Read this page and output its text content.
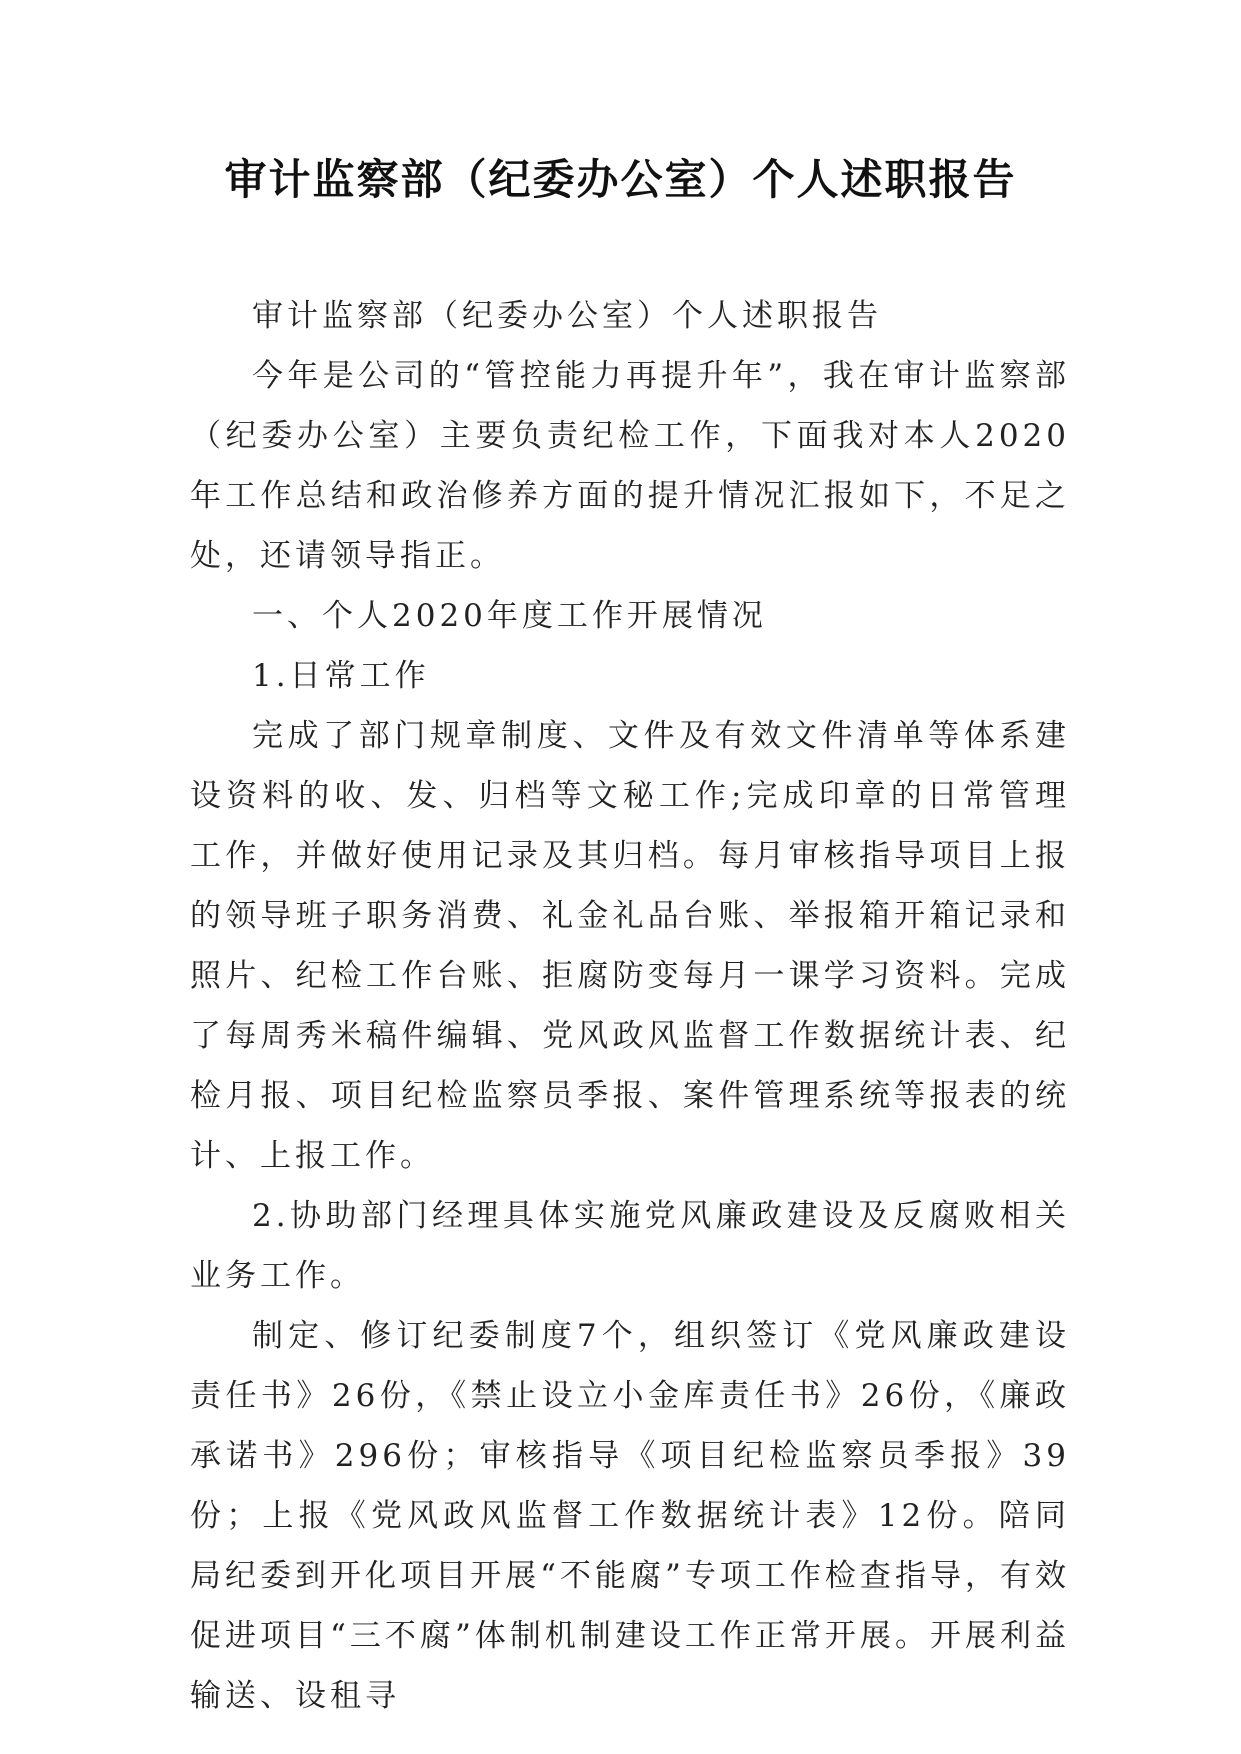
审计监察部（纪委办公室）个人述职报告

审计监察部（纪委办公室）个人述职报告

今年是公司的“管控能力再提升年”，我在审计监察部（纪委办公室）主要负责纪检工作，下面我对本人2020年工作总结和政治修养方面的提升情况汇报如下，不足之处，还请领导指正。

一、个人2020年度工作开展情况

1.日常工作

完成了部门规章制度、文件及有效文件清单等体系建设资料的收、发、归档等文秘工作;完成印章的日常管理工作，并做好使用记录及其归档。每月审核指导项目上报的领导班子职务消费、礼金礼品台账、举报箱开箱记录和照片、纪检工作台账、拒腐防变每月一课学习资料。完成了每周秀米稿件编辑、党风政风监督工作数据统计表、纪检月报、项目纪检监察员季报、案件管理系统等报表的统计、上报工作。

2.协助部门经理具体实施党风廉政建设及反腐败相关业务工作。

制定、修订纪委制度7个，组织签订《党风廉政建设责任书》26份，《禁止设立小金库责任书》26份，《廉政承诺书》296份；审核指导《项目纪检监察员季报》39份；上报《党风政风监督工作数据统计表》12份。陪同局纪委到开化项目开展“不能腐”专项工作检查指导，有效促进项目“三不腐”体制机制建设工作正常开展。开展利益输送、设租寻
